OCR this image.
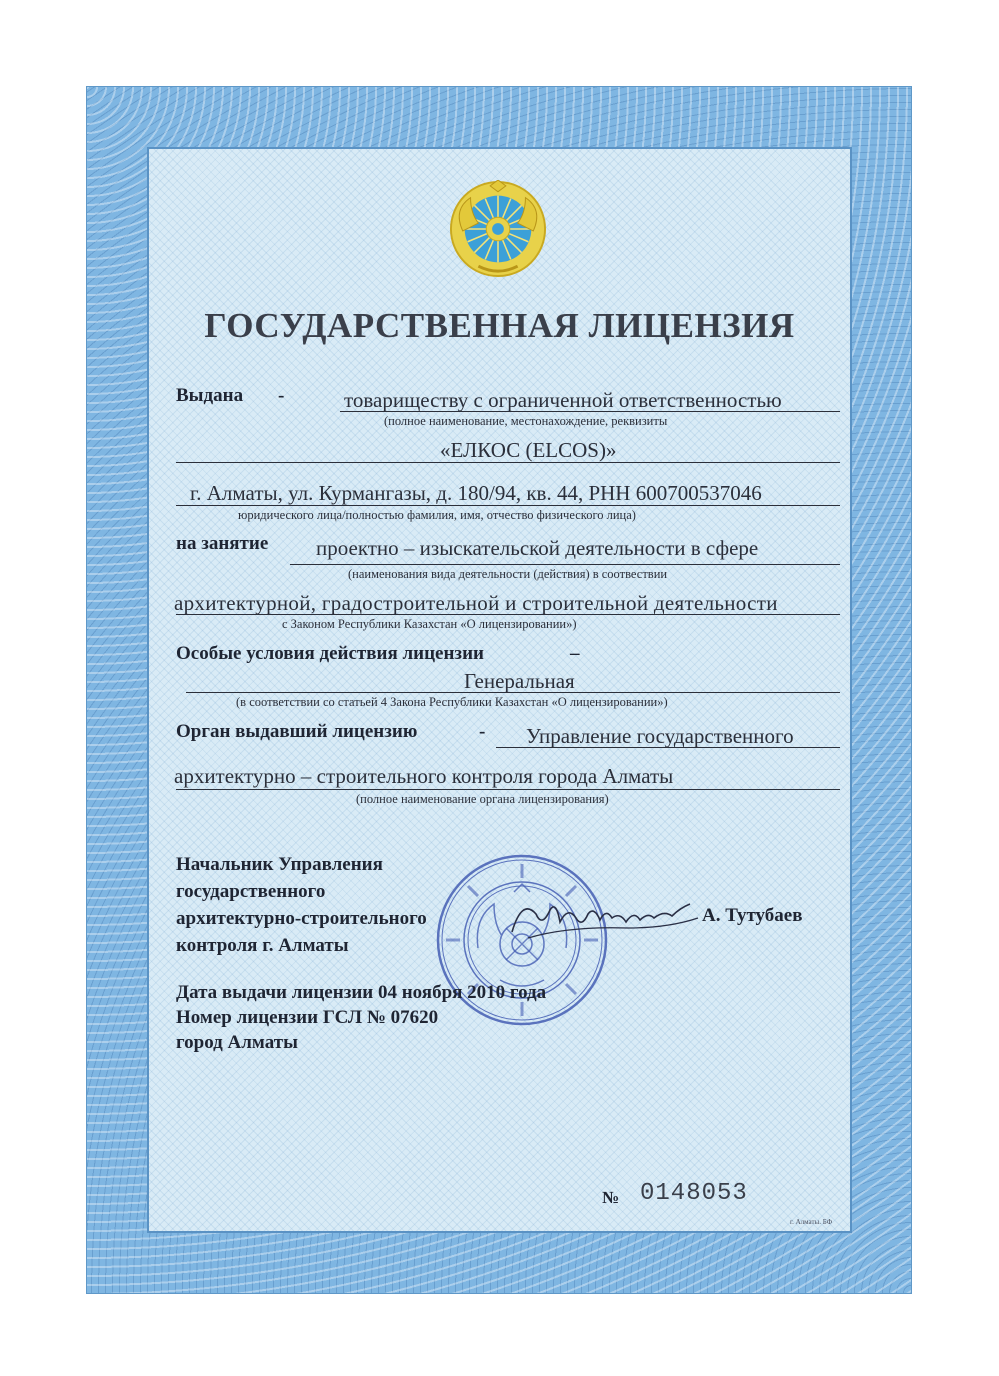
ГОСУДАРСТВЕННАЯ ЛИЦЕНЗИЯ
Выдана -	товариществу с ограниченной ответственностью
(полное наименование, местонахождение, реквизиты
«ЕЛКОС (ELCOS)»
г. Алматы, ул. Курмангазы, д. 180/94, кв. 44, РНН 600700537046
юридического лица/полностью фамилия, имя, отчество физического лица)
на занятие проектно – изыскательской деятельности в сфере
(наименования вида деятельности (действия) в соотвествии
архитектурной, градостроительной и строительной деятельности
с Законом Республики Казахстан «О лицензировании»)
Особые условия действия лицензии	–
Генеральная
(в соответствии со статьей 4 Закона Республики Казахстан «О лицензировании»)
Орган выдавший лицензию	- Управление государственного
архитектурно – строительного контроля города Алматы
(полное наименование органа лицензирования)
Начальник Управления
государственного
архитектурно-строительного
контроля г. Алматы
А. Тутубаев
Дата выдачи лицензии 04 ноября 2010 года
Номер лицензии ГСЛ № 07620
город Алматы
№ 0148053
г. Алматы. БФ
